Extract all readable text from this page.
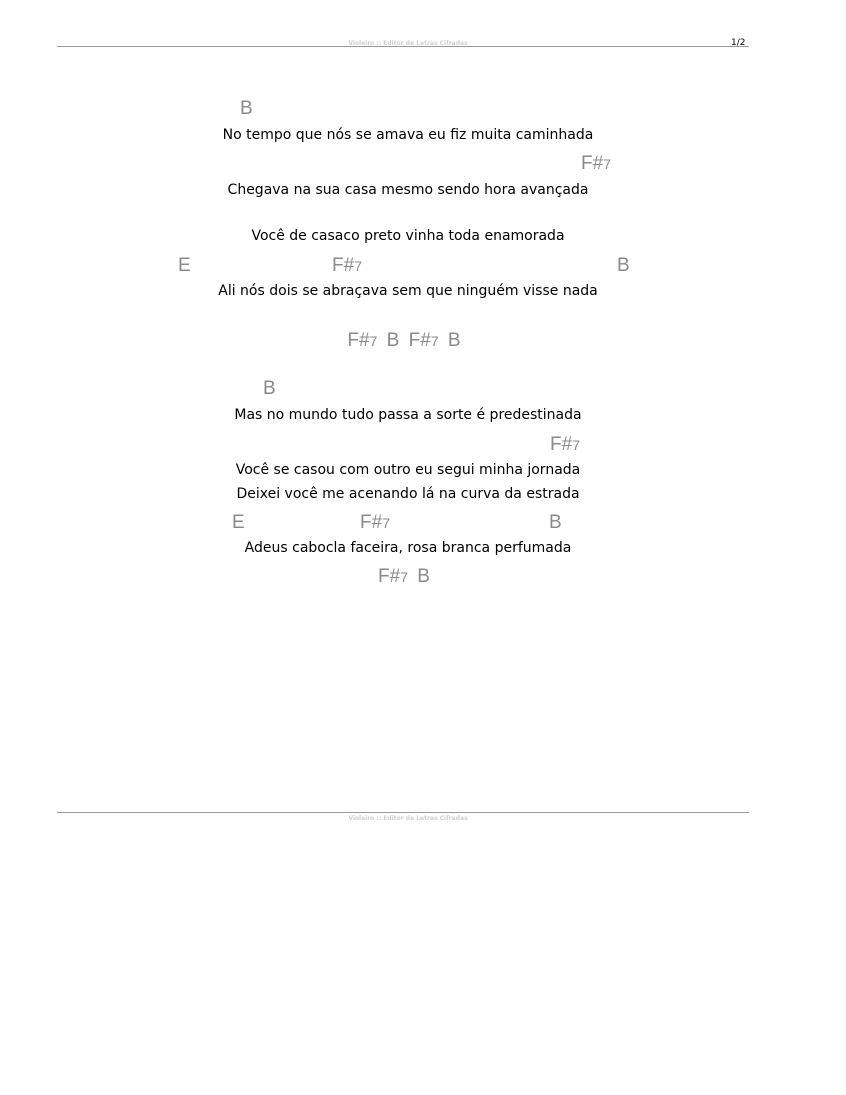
Violeiro :: Editor de Letras Cifradas	1/2
B
No tempo que nós se amava eu fiz muita caminhada
F#7
Chegava na sua casa mesmo sendo hora avançada
Você de casaco preto vinha toda enamorada
E	F#7	B
Ali nós dois se abraçava sem que ninguém visse nada
F#7 B F#7 B
B
Mas no mundo tudo passa a sorte é predestinada
F#7
Você se casou com outro eu segui minha jornada
Deixei você me acenando lá na curva da estrada
E	F#7	B
Adeus cabocla faceira, rosa branca perfumada
F#7 B
Violeiro :: Editor de Letras Cifradas
